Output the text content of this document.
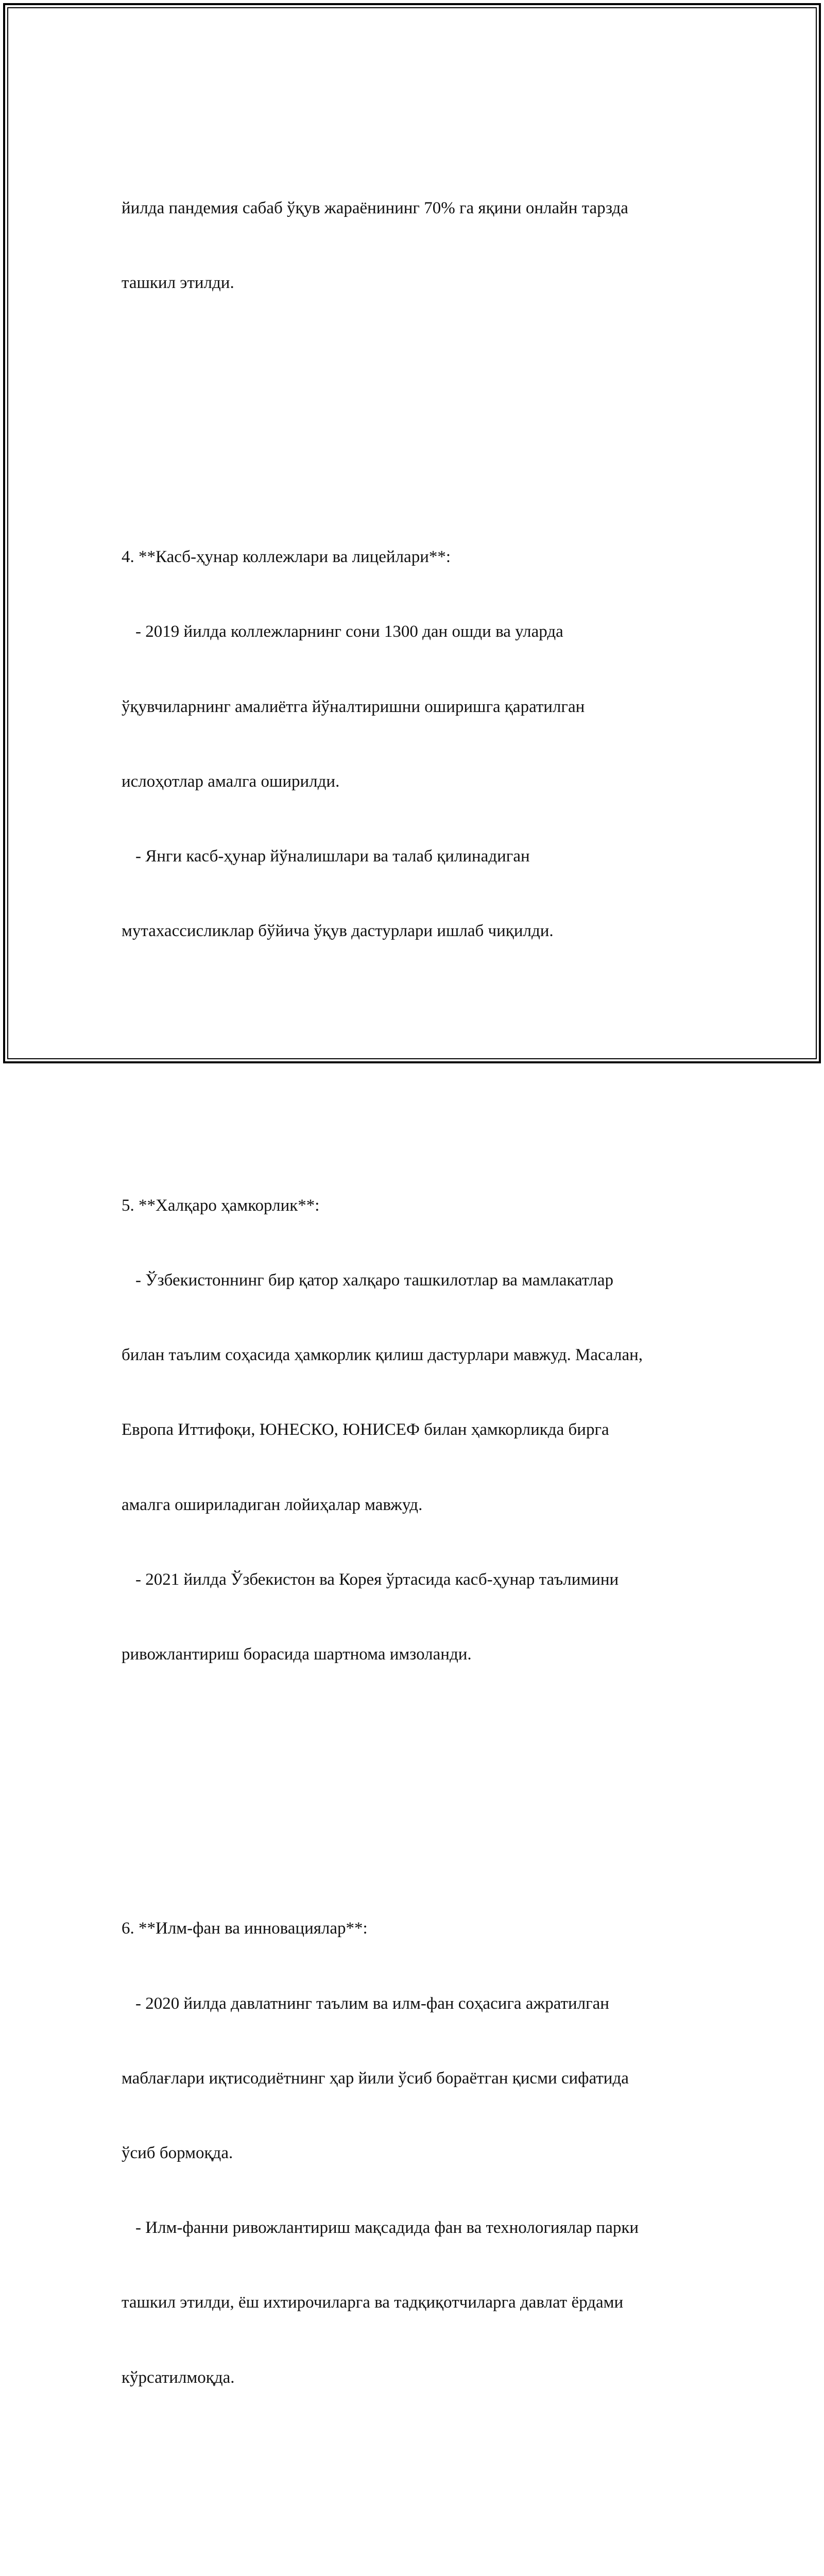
йилда пандемия сабаб ўқув жараёнининг 70% га яқини онлайн тарзда

ташкил этилди.

4. **Касб-ҳунар коллежлари ва лицейлари**:

- 2019 йилда коллежларнинг сони 1300 дан ошди ва уларда

ўқувчиларнинг амалиётга йўналтиришни оширишга қаратилган

ислоҳотлар амалга оширилди.

- Янги касб-ҳунар йўналишлари ва талаб қилинадиган

мутахассисликлар бўйича ўқув дастурлари ишлаб чиқилди.

5. **Халқаро ҳамкорлик**:

- Ўзбекистоннинг бир қатор халқаро ташкилотлар ва мамлакатлар

билан таълим соҳасида ҳамкорлик қилиш дастурлари мавжуд. Масалан,

Европа Иттифоқи, ЮНЕСКО, ЮНИСЕФ билан ҳамкорликда бирга

амалга ошириладиган лойиҳалар мавжуд.

- 2021 йилда Ўзбекистон ва Корея ўртасида касб-ҳунар таълимини

ривожлантириш борасида шартнома имзоланди.

6. **Илм-фан ва инновациялар**:

- 2020 йилда давлатнинг таълим ва илм-фан соҳасига ажратилган

маблағлари иқтисодиётнинг ҳар йили ўсиб бораётган қисми сифатида

ўсиб бормоқда.

- Илм-фанни ривожлантириш мақсадида фан ва технологиялар парки

ташкил этилди, ёш ихтирочиларга ва тадқиқотчиларга давлат ёрдами

кўрсатилмоқда.
